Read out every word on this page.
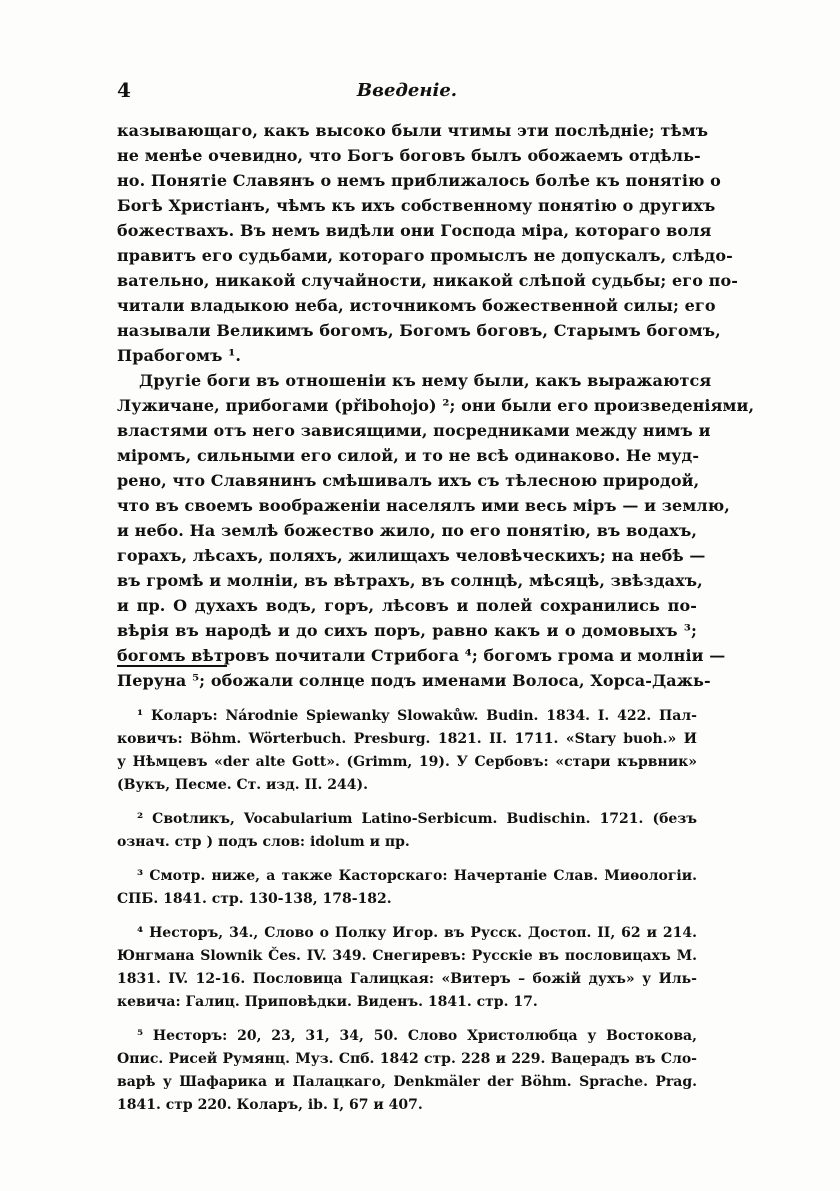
4	Введеніе.
казывающаго, какъ высоко были чтимы эти послѣдніе; тѣмъ
не менѣе очевидно, что Богъ боговъ былъ обожаемъ отдѣль-
но. Понятіе Славянъ о немъ приближалось болѣе къ понятію о
Богѣ Христіанъ, чѣмъ къ ихъ собственному понятію о другихъ
божествахъ. Въ немъ видѣли они Господа міра, котораго воля
правитъ его судьбами, котораго промыслъ не допускалъ, слѣдо-
вательно, никакой случайности, никакой слѣпой судьбы; его по-
читали владыкою неба, источникомъ божественной силы; его
называли Великимъ богомъ, Богомъ боговъ, Старымъ богомъ,
Прабогомъ ¹.
Другіе боги въ отношеніи къ нему были, какъ выражаются
Лужичане, прибогами (přibohojo) ²; они были его произведеніями,
властями отъ него зависящими, посредниками между нимъ и
міромъ, сильными его силой, и то не всѣ одинаково. Не муд-
рено, что Славянинъ смѣшивалъ ихъ съ тѣлесною природой,
что въ своемъ воображеніи населялъ ими весь міръ — и землю,
и небо. На землѣ божество жило, по его понятію, въ водахъ,
горахъ, лѣсахъ, поляхъ, жилищахъ человѣческихъ; на небѣ —
въ громѣ и молніи, въ вѣтрахъ, въ солнцѣ, мѣсяцѣ, звѣздахъ,
и пр. О духахъ водъ, горъ, лѣсовъ и полей сохранились по-
вѣрія въ народѣ и до сихъ поръ, равно какъ и о домовыхъ ³;
богомъ вѣтровъ почитали Стрибога ⁴; богомъ грома и молніи —
Перуна ⁵; обожали солнце подъ именами Волоса, Хорса-Дажь-
¹ Коларъ: Národnie Spiewanky Slowakůw. Budin. 1834. I. 422. Пал-
ковичъ: Böhm. Wörterbuch. Presburg. 1821. II. 1711. «Stary buoh.» И
у Нѣмцевъ «der alte Gott». (Grimm, 19). У Сербовъ: «стари кървник»
(Вукъ, Песме. Ст. изд. II. 244).
² Своtликъ, Vocabularium Latino-Serbicum. Budischin. 1721. (безъ
означ. стр ) подъ слов: idolum и пр.
³ Смотр. ниже, а также Касторскаго: Начертаніе Слав. Миѳологіи.
СПБ. 1841. стр. 130-138, 178-182.
⁴ Несторъ, 34., Слово о Полку Игор. въ Русск. Достоп. II, 62 и 214.
Юнгмана Slownik Čes. IV. 349. Снегиревъ: Русскіе въ пословицахъ М.
1831. IV. 12-16. Пословица Галицкая: «Витеръ – божій духъ» у Иль-
кевича: Галиц. Приповѣдки. Виденъ. 1841. стр. 17.
⁵ Несторъ: 20, 23, 31, 34, 50. Слово Христолюбца у Востокова,
Опис. Рисей Румянц. Муз. Спб. 1842 стр. 228 и 229. Вацерадъ въ Сло-
варѣ у Шафарика и Палацкаго, Denkmäler der Böhm. Sprache. Prag.
1841. стр 220. Коларъ, ib. I, 67 и 407.
